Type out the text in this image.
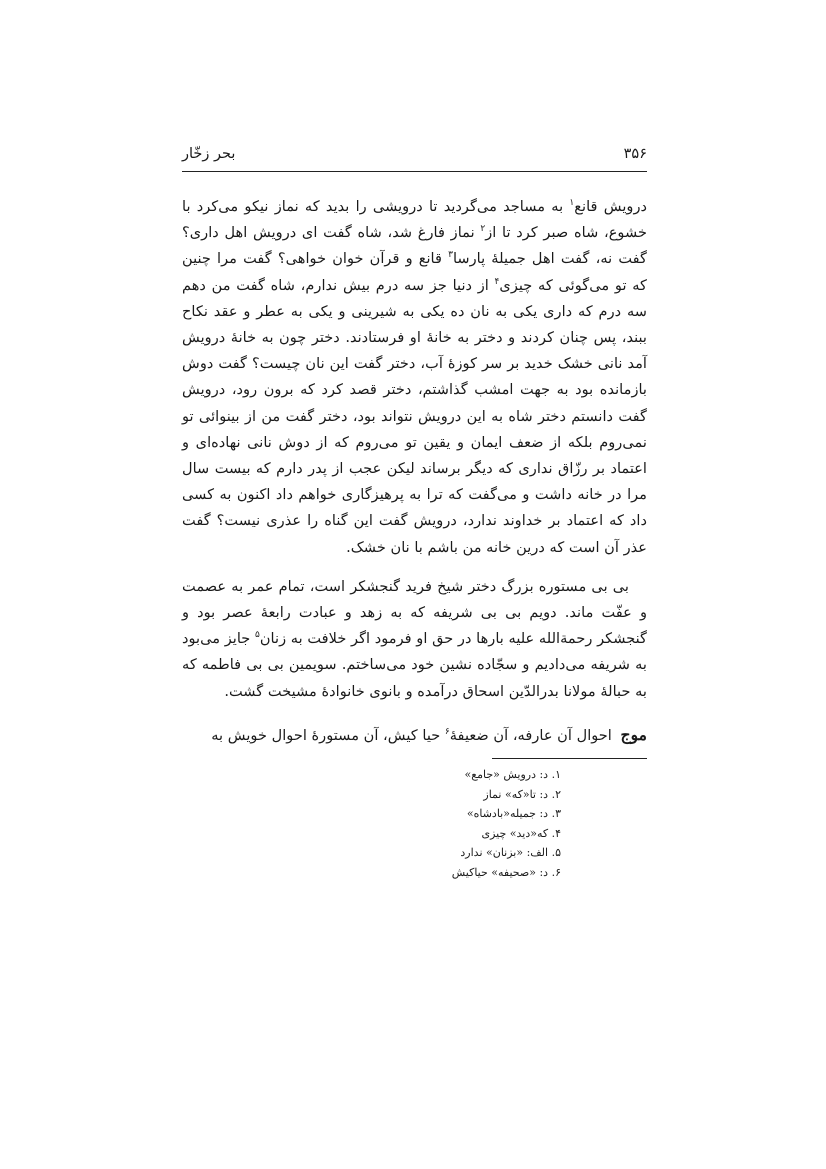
۳۵۶
بحر زخّار

درویش قانع$^۱$ به مساجد می‌گردید تا درویشی را بدید که نماز نیکو می‌کرد با خشوع، شاه صبر کرد تا از$^۲$ نماز فارغ شد، شاه گفت ای درویش اهل داری؟ گفت نه، گفت اهل جمیلهٔ پارسا$^۳$ قانع و قرآن خوان خواهی؟ گفت مرا چنین که تو می‌گوئی که چیزی$^۴$ از دنیا جز سه درم بیش ندارم، شاه گفت من دهم سه درم که داری یکی به نان ده یکی به شیرینی و یکی به عطر و عقد نکاح ببند، پس چنان کردند و دختر به خانهٔ او فرستادند. دختر چون به خانهٔ درویش آمد نانی خشک خدید بر سر کوزهٔ آب، دختر گفت این نان چیست؟ گفت دوش بازمانده بود به جهت امشب گذاشتم، دختر قصد کرد که برون رود، درویش گفت دانستم دختر شاه به این درویش نتواند بود، دختر گفت من از بینوائی تو نمی‌روم بلکه از ضعف ایمان و یقین تو می‌روم که از دوش نانی نهاده‌ای و اعتماد بر رزّاق نداری که دیگر برساند لیکن عجب از پدر دارم که بیست سال مرا در خانه داشت و می‌گفت که ترا به پرهیزگاری خواهم داد اکنون به کسی داد که اعتماد بر خداوند ندارد، درویش گفت این گناه را عذری نیست؟ گفت عذر آن است که درین خانه من باشم با نان خشک.

بی بی مستوره بزرگ دختر شیخ فرید گنجشکر است، تمام عمر به عصمت و عفّت ماند. دویم بی بی شریفه که به زهد و عبادت رابعهٔ عصر بود و گنجشکر رحمةالله علیه بارها در حق او فرمود اگر خلافت به زنان$^۵$ جایز می‌بود به شریفه می‌دادیم و سجّاده نشین خود می‌ساختم. سویمین بی بی فاطمه که به حبالهٔ مولانا بدرالدّین اسحاق درآمده و بانوی خانوادهٔ مشیخت گشت.

موج احوال آن عارفه، آن ضعیفهٔ$^۶$ حیا کیش، آن مستورهٔ احوال خویش به

۱. د: درویش «جامع»
۲. د: تا«که» نماز
۳. د: جمیله«بادشاه»
۴. که«دید» چیزی
۵. الف: «بزنان» ندارد
۶. د: «صحیفه» حیاکیش
